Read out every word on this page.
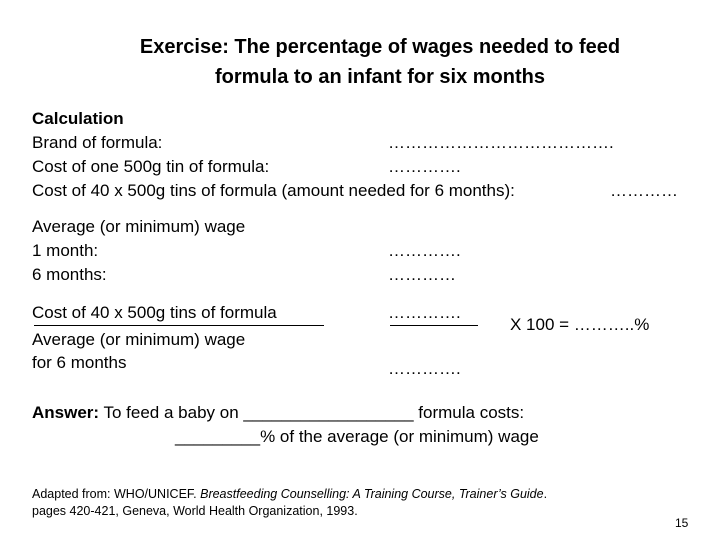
Exercise: The percentage of wages needed to feed
formula to an infant for six months
Calculation
Brand of formula:	………………………………….
Cost of one 500g tin of formula:	………….
Cost of 40 x 500g tins of formula (amount needed for 6 months):	…………
Average (or minimum) wage
1 month:	………….
6 months:	…………
Cost of 40 x 500g tins of formula	………….
X 100 = ………..%
Average (or minimum) wage
for 6 months	………….
Answer: To feed a baby on __________________ formula costs:
_________% of the average (or minimum) wage
Adapted from: WHO/UNICEF. Breastfeeding Counselling: A Training Course, Trainer’s Guide.
pages 420-421, Geneva, World Health Organization, 1993.
15
